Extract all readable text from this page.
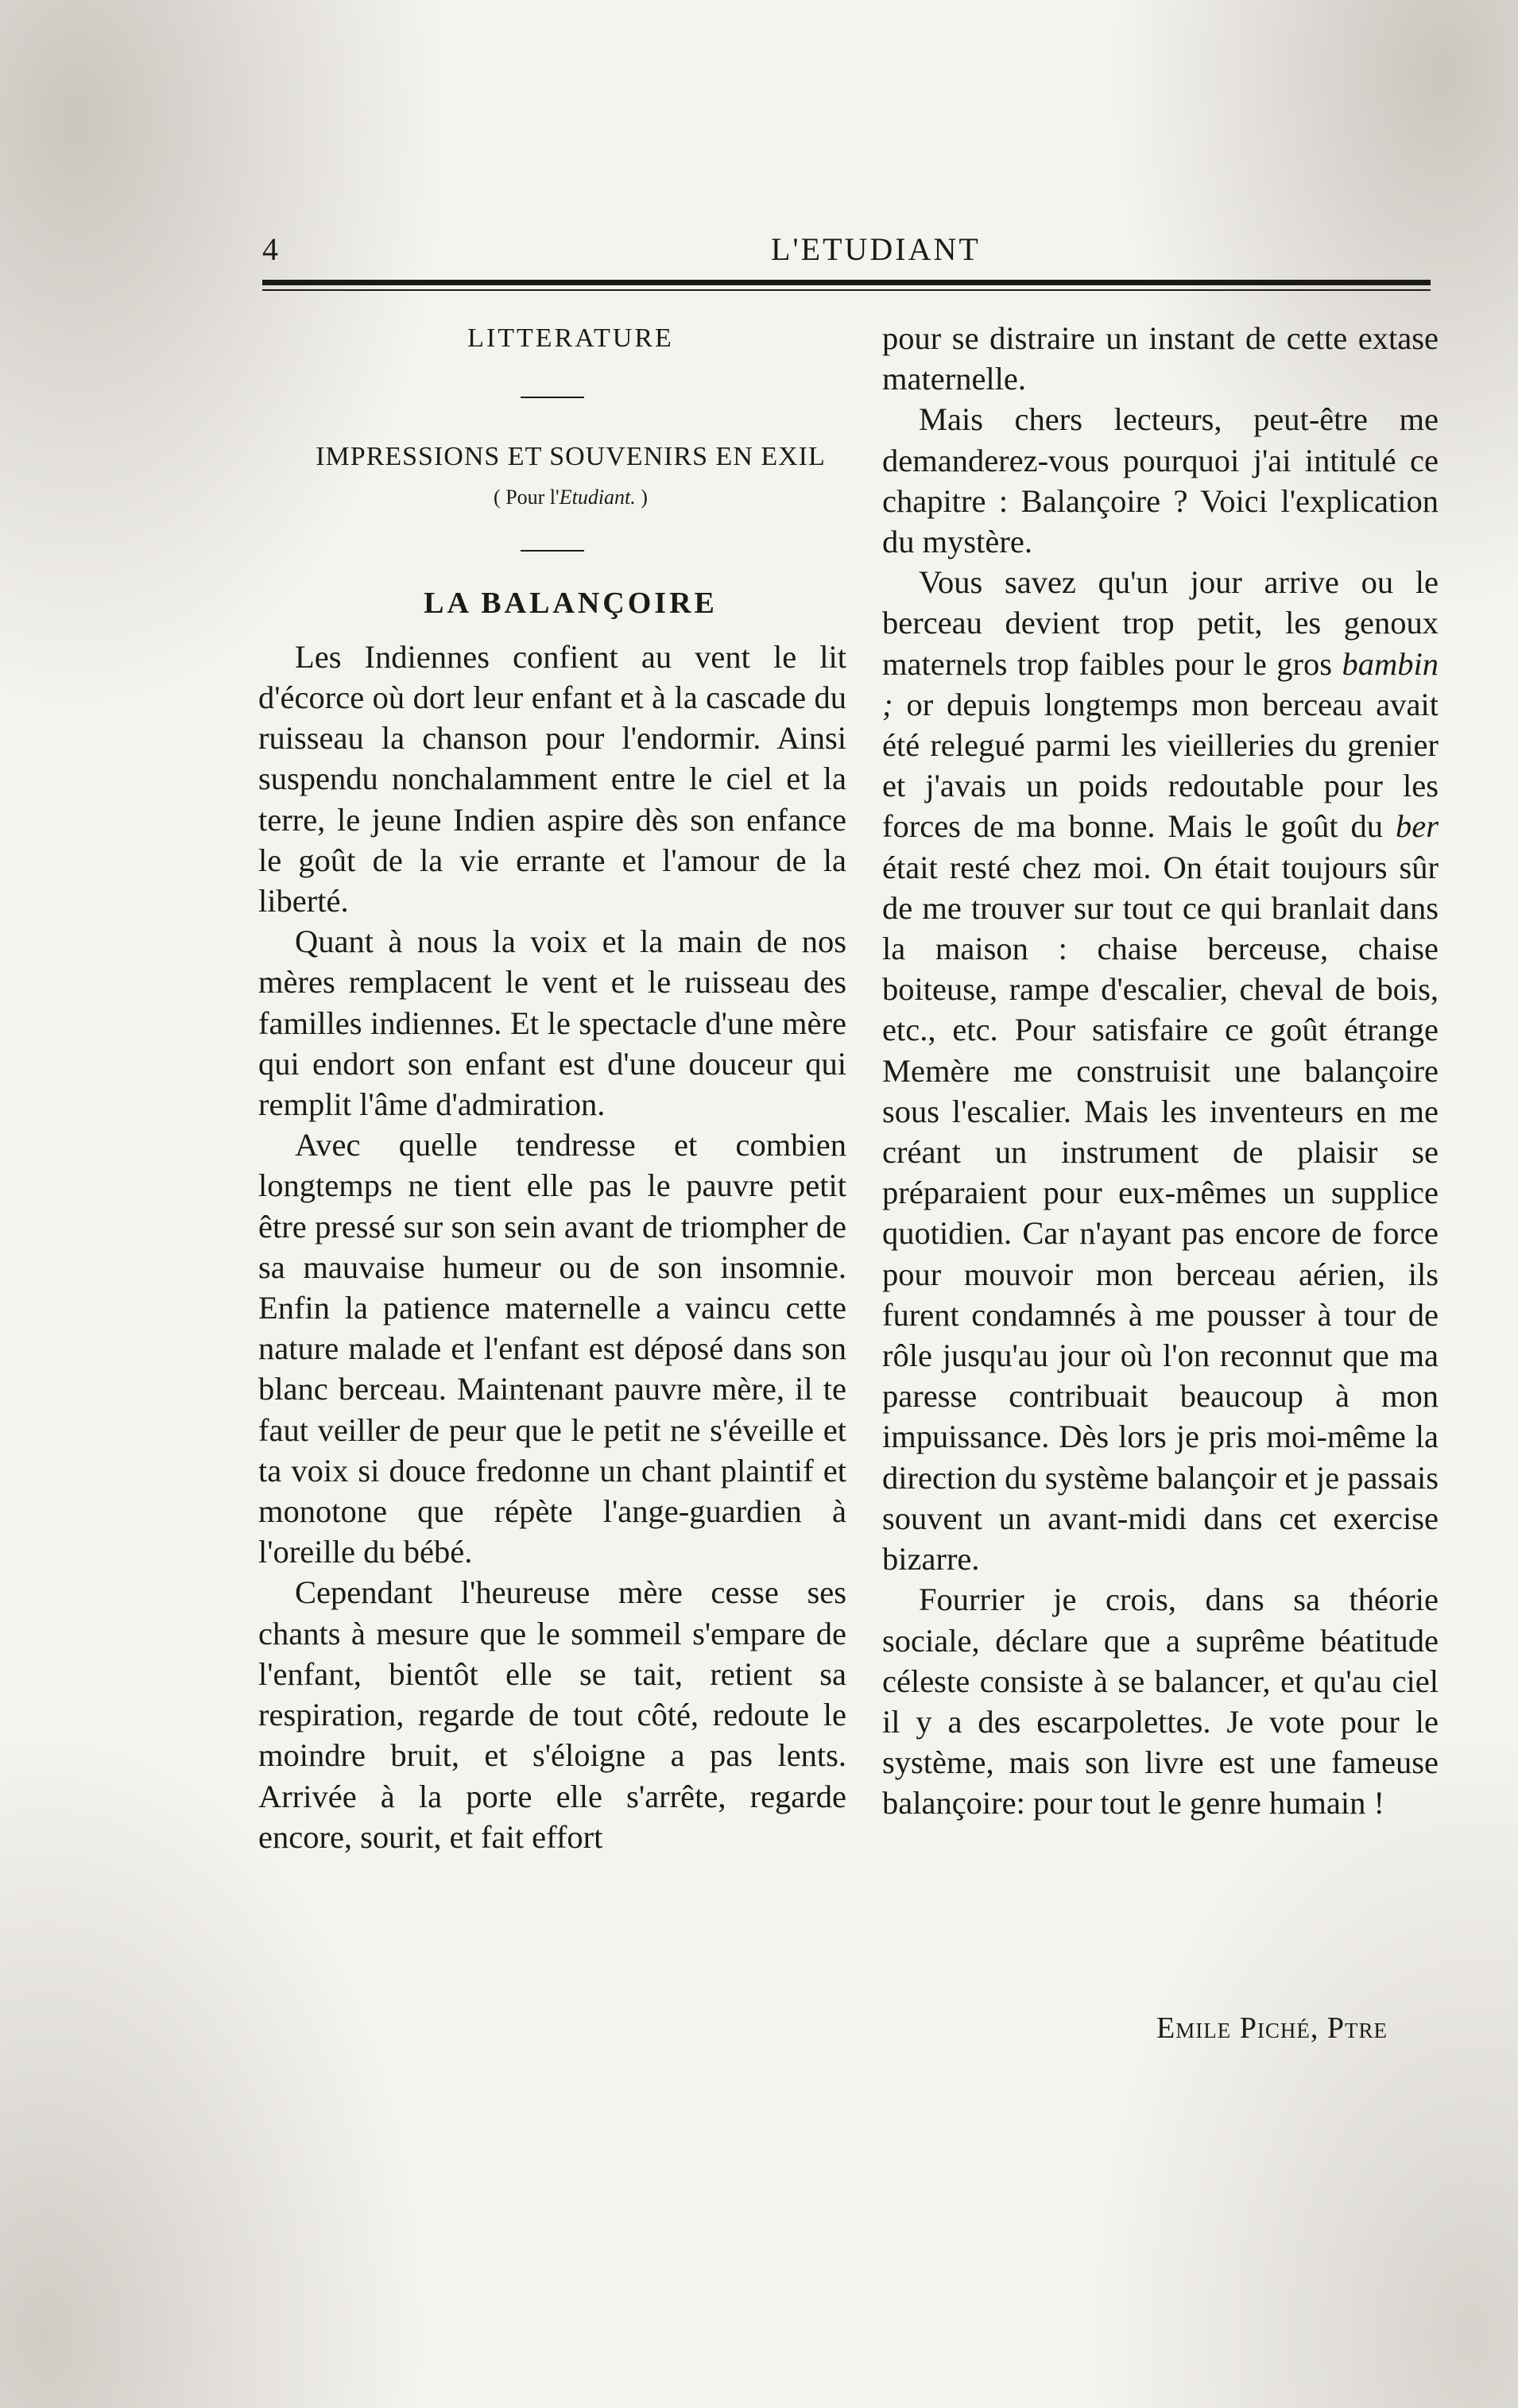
4	L'ETUDIANT

LITTERATURE

IMPRESSIONS ET SOUVENIRS EN EXIL

( Pour l'Etudiant. )

LA BALANÇOIRE

Les Indiennes confient au vent le lit d'écorce où dort leur enfant et à la cascade du ruisseau la chanson pour l'endormir. Ainsi suspendu nonchalamment entre le ciel et la terre, le jeune Indien aspire dès son enfance le goût de la vie errante et l'amour de la liberté.

Quant à nous la voix et la main de nos mères remplacent le vent et le ruisseau des familles indiennes. Et le spectacle d'une mère qui endort son enfant est d'une douceur qui remplit l'âme d'admiration.

Avec quelle tendresse et combien longtemps ne tient elle pas le pauvre petit être pressé sur son sein avant de triompher de sa mauvaise humeur ou de son insomnie. Enfin la patience maternelle a vaincu cette nature malade et l'enfant est déposé dans son blanc berceau. Maintenant pauvre mère, il te faut veiller de peur que le petit ne s'éveille et ta voix si douce fredonne un chant plaintif et monotone que répète l'ange-guardien à l'oreille du bébé.

Cependant l'heureuse mère cesse ses chants à mesure que le sommeil s'empare de l'enfant, bientôt elle se tait, retient sa respiration, regarde de tout côté, redoute le moindre bruit, et s'éloigne a pas lents. Arrivée à la porte elle s'arrête, regarde encore, sourit, et fait effort

pour se distraire un instant de cette extase maternelle.

Mais chers lecteurs, peut-être me demanderez-vous pourquoi j'ai intitulé ce chapitre : Balançoire ? Voici l'explication du mystère.

Vous savez qu'un jour arrive ou le berceau devient trop petit, les genoux maternels trop faibles pour le gros bambin ; or depuis longtemps mon berceau avait été relegué parmi les vieilleries du grenier et j'avais un poids redoutable pour les forces de ma bonne. Mais le goût du ber était resté chez moi. On était toujours sûr de me trouver sur tout ce qui branlait dans la maison : chaise berceuse, chaise boiteuse, rampe d'escalier, cheval de bois, etc., etc. Pour satisfaire ce goût étrange Memère me construisit une balançoire sous l'escalier. Mais les inventeurs en me créant un instrument de plaisir se préparaient pour eux-mêmes un supplice quotidien. Car n'ayant pas encore de force pour mouvoir mon berceau aérien, ils furent condamnés à me pousser à tour de rôle jusqu'au jour où l'on reconnut que ma paresse contribuait beaucoup à mon impuissance. Dès lors je pris moi-même la direction du système balançoir et je passais souvent un avant-midi dans cet exercise bizarre.

Fourrier je crois, dans sa théorie sociale, déclare que a suprême béatitude céleste consiste à se balancer, et qu'au ciel il y a des escarpolettes. Je vote pour le système, mais son livre est une fameuse balançoire: pour tout le genre humain !

Emile Piché, Ptre
